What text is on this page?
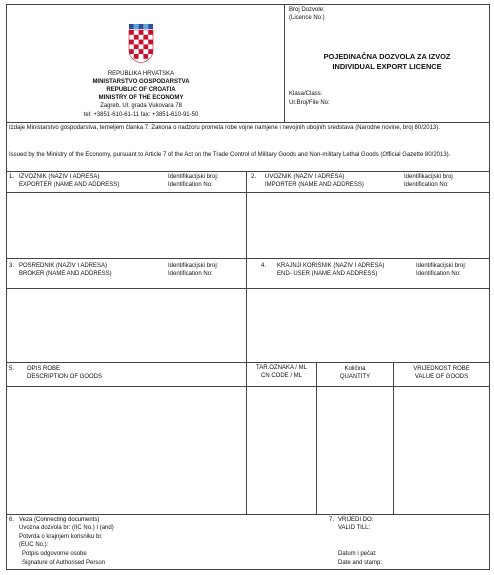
REPUBLIKA HRVATSKA
MINISTARSTVO GOSPODARSTVA
REPUBLIC OF CROATIA
MINISTRY OF THE ECONOMY
Zagreb, Ul. grada Vukovara 78
tel: +3851-610-61-11 fax: +3851-610-91-50
Broj Dozvole:
(Licence No:)
POJEDINAČNA DOZVOLA ZA IZVOZ
INDIVIDUAL EXPORT LICENCE
Klasa/Class:
Ur.Broj/File No:
Izdaje Ministarstvo gospodarstva, temeljem članka 7. Zakona o nadzoru prometa robe vojne namjene i nevojnih ubojnih sredstava (Narodne novine, broj 80/2013).
Issued by the Ministry of the Economy, pursuant to Article 7 of the Act on the Trade Control of Military Goods and Non-military Lethal Goods (Official Gazette 80/2013).
1. IZVOZNIK (NAZIV I ADRESA)
EXPORTER (NAME AND ADDRESS)
Identifikacijski broj:
Identification No:
2. UVOZNIK (NAZIV I ADRESA)
IMPORTER (NAME AND ADDRESS)
Identifikacijski broj
Identification No:
3. POSREDNIK (NAZIV I ADRESA)
BROKER (NAME AND ADDRESS)
Identifikacijski broj:
Identification No:
4. KRAJNJI KORISNIK (NAZIV I ADRESA)
END- USER (NAME AND ADDRESS)
Identifikacijski broj:
Identification No:
5. OPIS ROBE
DESCRIPTION OF GOODS
TAR.OZNAKA / ML
CN CODE / ML
Količina
QUANTITY
VRIJEDNOST ROBE
VALUE OF GOODS
6. Veza (Connecting documents)
Uvozna dozvola br: (IIC No.) I (and)
Potvrda o krajnjem korisniku br.
(EUC No.):
Potpis odgovorne osobe
Signature of Authorised Person
7. VRIJEDI DO:
VALID TILL:
Datum i pečat:
Date and stamp:
